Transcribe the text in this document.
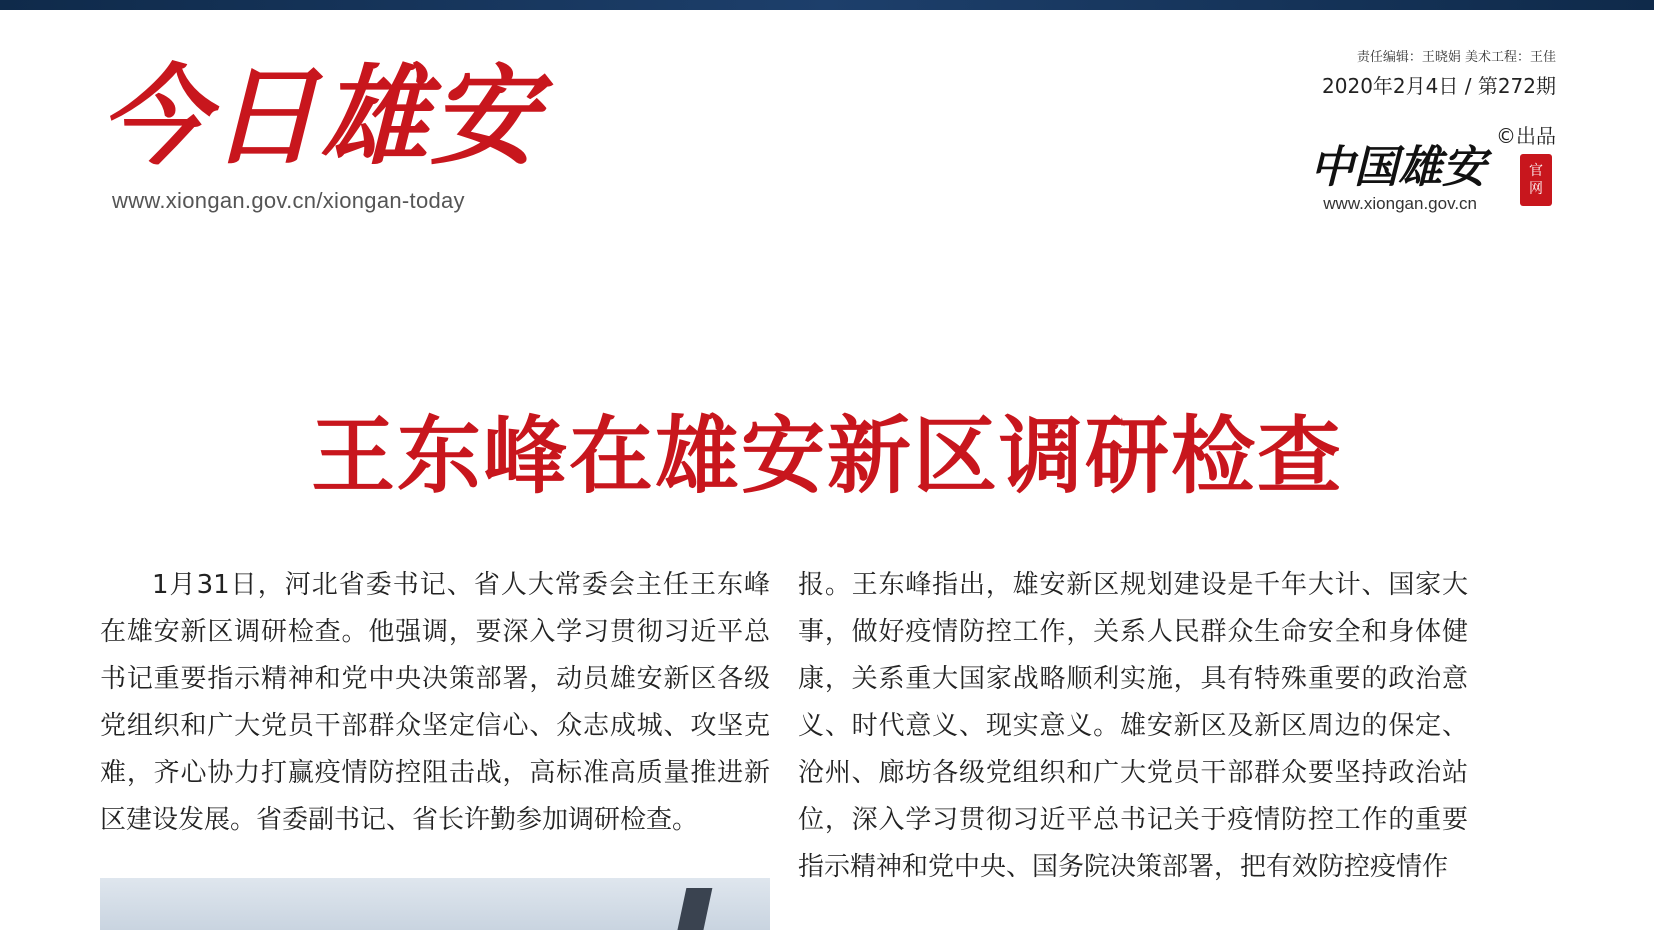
今日雄安
www.xiongan.gov.cn/xiongan-today
责任编辑：王晓娟 美术工程：王佳
2020年2月4日 / 第272期
©出品
中国雄安	官
网
www.xiongan.gov.cn
王东峰在雄安新区调研检查

1月31日，河北省委书记、省人大常委会主任王东峰在雄安新区调研检查。他强调，要深入学习贯彻习近平总书记重要指示精神和党中央决策部署，动员雄安新区各级党组织和广大党员干部群众坚定信心、众志成城、攻坚克难，齐心协力打赢疫情防控阻击战，高标准高质量推进新区建设发展。省委副书记、省长许勤参加调研检查。

报。王东峰指出，雄安新区规划建设是千年大计、国家大事，做好疫情防控工作，关系人民群众生命安全和身体健康，关系重大国家战略顺利实施，具有特殊重要的政治意义、时代意义、现实意义。雄安新区及新区周边的保定、沧州、廊坊各级党组织和广大党员干部群众要坚持政治站位，深入学习贯彻习近平总书记关于疫情防控工作的重要指示精神和党中央、国务院决策部署，把有效防控疫情作
